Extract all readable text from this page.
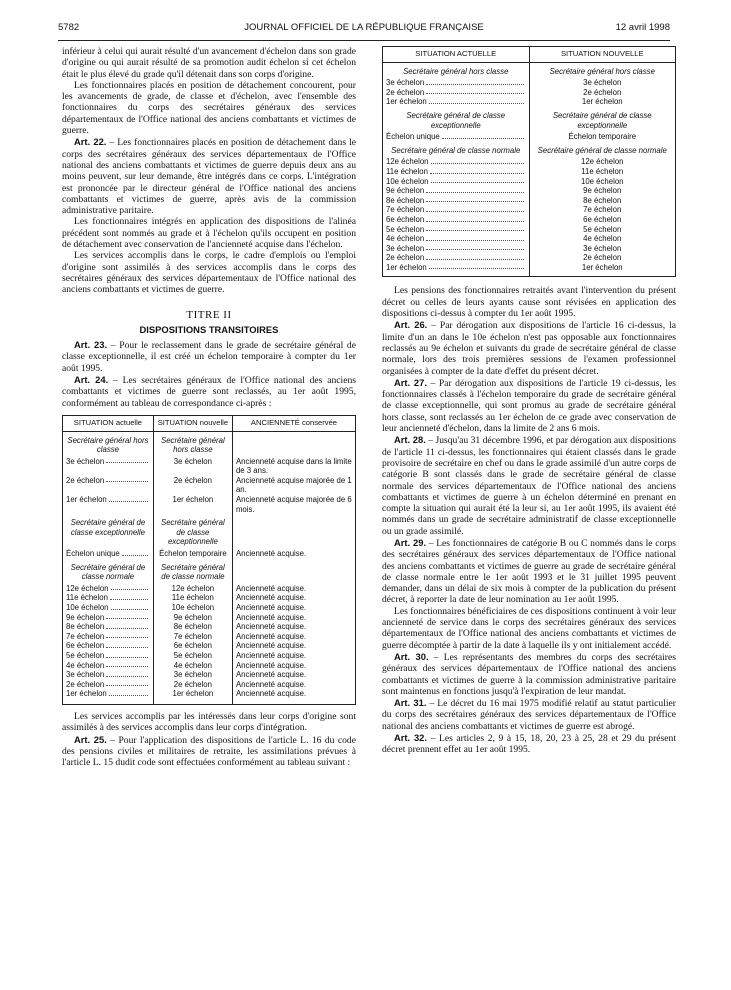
5782	JOURNAL OFFICIEL DE LA RÉPUBLIQUE FRANÇAISE	12 avril 1998

inférieur à celui qui aurait résulté d'un avancement d'échelon dans son grade d'origine ou qui aurait résulté de sa promotion audit échelon si cet échelon était le plus élevé du grade qu'il détenait dans son corps d'origine.

Les fonctionnaires placés en position de détachement concourent, pour les avancements de grade, de classe et d'échelon, avec l'ensemble des fonctionnaires du corps des secrétaires généraux des services départementaux de l'Office national des anciens combattants et victimes de guerre.

Art. 22. – Les fonctionnaires placés en position de détachement dans le corps des secrétaires généraux des services départementaux de l'Office national des anciens combattants et victimes de guerre depuis deux ans au moins peuvent, sur leur demande, être intégrés dans ce corps. L'intégration est prononcée par le directeur général de l'Office national des anciens combattants et victimes de guerre, après avis de la commission administrative paritaire.

Les fonctionnaires intégrés en application des dispositions de l'alinéa précédent sont nommés au grade et à l'échelon qu'ils occupent en position de détachement avec conservation de l'ancienneté acquise dans l'échelon.

Les services accomplis dans le corps, le cadre d'emplois ou l'emploi d'origine sont assimilés à des services accomplis dans le corps des secrétaires généraux des services départementaux de l'Office national des anciens combattants et victimes de guerre.

TITRE II
DISPOSITIONS TRANSITOIRES

Art. 23. – Pour le reclassement dans le grade de secrétaire général de classe exceptionnelle, il est créé un échelon temporaire à compter du 1er août 1995.

Art. 24. – Les secrétaires généraux de l'Office national des anciens combattants et victimes de guerre sont reclassés, au 1er août 1995, conformément au tableau de correspondance ci-après :

SITUATION actuelle	SITUATION nouvelle	ANCIENNETÉ conservée
Secrétaire général hors classe	Secrétaire général hors classe	

3e échelon	3e échelon	Ancienneté acquise dans la limite de 3 ans.

2e échelon	2e échelon	Ancienneté acquise majorée de 1 an.

1er échelon	1er échelon	Ancienneté acquise majorée de 6 mois.
Secrétaire général de classe exceptionnelle	Secrétaire général de classe exceptionnelle	

Échelon unique	Échelon temporaire	Ancienneté acquise.
Secrétaire général de classe normale	Secrétaire général de classe normale	

12e échelon	12e échelon	Ancienneté acquise.

11e échelon	11e échelon	Ancienneté acquise.

10e échelon	10e échelon	Ancienneté acquise.

9e échelon	9e échelon	Ancienneté acquise.

8e échelon	8e échelon	Ancienneté acquise.

7e échelon	7e échelon	Ancienneté acquise.

6e échelon	6e échelon	Ancienneté acquise.

5e échelon	5e échelon	Ancienneté acquise.

4e échelon	4e échelon	Ancienneté acquise.

3e échelon	3e échelon	Ancienneté acquise.

2e échelon	2e échelon	Ancienneté acquise.

1er échelon	1er échelon	Ancienneté acquise.

Les services accomplis par les intéressés dans leur corps d'origine sont assimilés à des services accomplis dans leur corps d'intégration.

Art. 25. – Pour l'application des dispositions de l'article L. 16 du code des pensions civiles et militaires de retraite, les assimilations prévues à l'article L. 15 dudit code sont effectuées conformément au tableau suivant :

SITUATION ACTUELLE	SITUATION NOUVELLE
Secrétaire général hors classe	Secrétaire général hors classe

3e échelon	3e échelon

2e échelon	2e échelon

1er échelon	1er échelon
Secrétaire général de classe exceptionnelle	Secrétaire général de classe exceptionnelle

Échelon unique	Échelon temporaire
Secrétaire général de classe normale	Secrétaire général de classe normale

12e échelon	12e échelon

11e échelon	11e échelon

10e échelon	10e échelon

9e échelon	9e échelon

8e échelon	8e échelon

7e échelon	7e échelon

6e échelon	6e échelon

5e échelon	5e échelon

4e échelon	4e échelon

3e échelon	3e échelon

2e échelon	2e échelon

1er échelon	1er échelon

Les pensions des fonctionnaires retraités avant l'intervention du présent décret ou celles de leurs ayants cause sont révisées en application des dispositions ci-dessus à compter du 1er août 1995.

Art. 26. – Par dérogation aux dispositions de l'article 16 ci-dessus, la limite d'un an dans le 10e échelon n'est pas opposable aux fonctionnaires reclassés au 9e échelon et suivants du grade de secrétaire général de classe normale, lors des trois premières sessions de l'examen professionnel organisées à compter de la date d'effet du présent décret.

Art. 27. – Par dérogation aux dispositions de l'article 19 ci-dessus, les fonctionnaires classés à l'échelon temporaire du grade de secrétaire général de classe exceptionnelle, qui sont promus au grade de secrétaire général hors classe, sont reclassés au 1er échelon de ce grade avec conservation de leur ancienneté d'échelon, dans la limite de 2 ans 6 mois.

Art. 28. – Jusqu'au 31 décembre 1996, et par dérogation aux dispositions de l'article 11 ci-dessus, les fonctionnaires qui étaient classés dans le grade provisoire de secrétaire en chef ou dans le grade assimilé d'un autre corps de catégorie B sont classés dans le grade de secrétaire général de classe normale des services départementaux de l'Office national des anciens combattants et victimes de guerre à un échelon déterminé en prenant en compte la situation qui aurait été la leur si, au 1er août 1995, ils avaient été nommés dans un grade de secrétaire administratif de classe exceptionnelle ou un grade assimilé.

Art. 29. – Les fonctionnaires de catégorie B ou C nommés dans le corps des secrétaires généraux des services départementaux de l'Office national des anciens combattants et victimes de guerre au grade de secrétaire général de classe normale entre le 1er août 1993 et le 31 juillet 1995 peuvent demander, dans un délai de six mois à compter de la publication du présent décret, à reporter la date de leur nomination au 1er août 1995.

Les fonctionnaires bénéficiaires de ces dispositions continuent à voir leur ancienneté de service dans le corps des secrétaires généraux des services départementaux de l'Office national des anciens combattants et victimes de guerre décomptée à partir de la date à laquelle ils y ont initialement accédé.

Art. 30. – Les représentants des membres du corps des secrétaires généraux des services départementaux de l'Office national des anciens combattants et victimes de guerre à la commission administrative paritaire sont maintenus en fonctions jusqu'à l'expiration de leur mandat.

Art. 31. – Le décret du 16 mai 1975 modifié relatif au statut particulier du corps des secrétaires généraux des services départementaux de l'Office national des anciens combattants et victimes de guerre est abrogé.

Art. 32. – Les articles 2, 9 à 15, 18, 20, 23 à 25, 28 et 29 du présent décret prennent effet au 1er août 1995.
